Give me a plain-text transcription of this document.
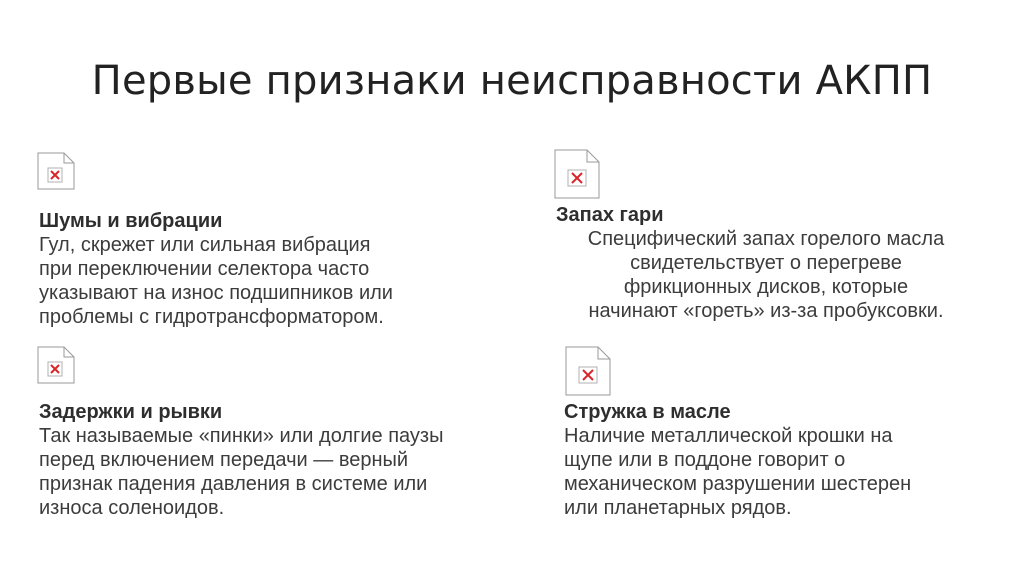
Первые признаки неисправности АКПП
Шумы и вибрации
Гул, скрежет или сильная вибрация
при переключении селектора часто
указывают на износ подшипников или
проблемы с гидротрансформатором.
Запах гари
Специфический запах горелого масла
свидетельствует о перегреве
фрикционных дисков, которые
начинают «гореть» из-за пробуксовки.
Задержки и рывки
Так называемые «пинки» или долгие паузы
перед включением передачи — верный
признак падения давления в системе или
износа соленоидов.
Стружка в масле
Наличие металлической крошки на
щупе или в поддоне говорит о
механическом разрушении шестерен
или планетарных рядов.
